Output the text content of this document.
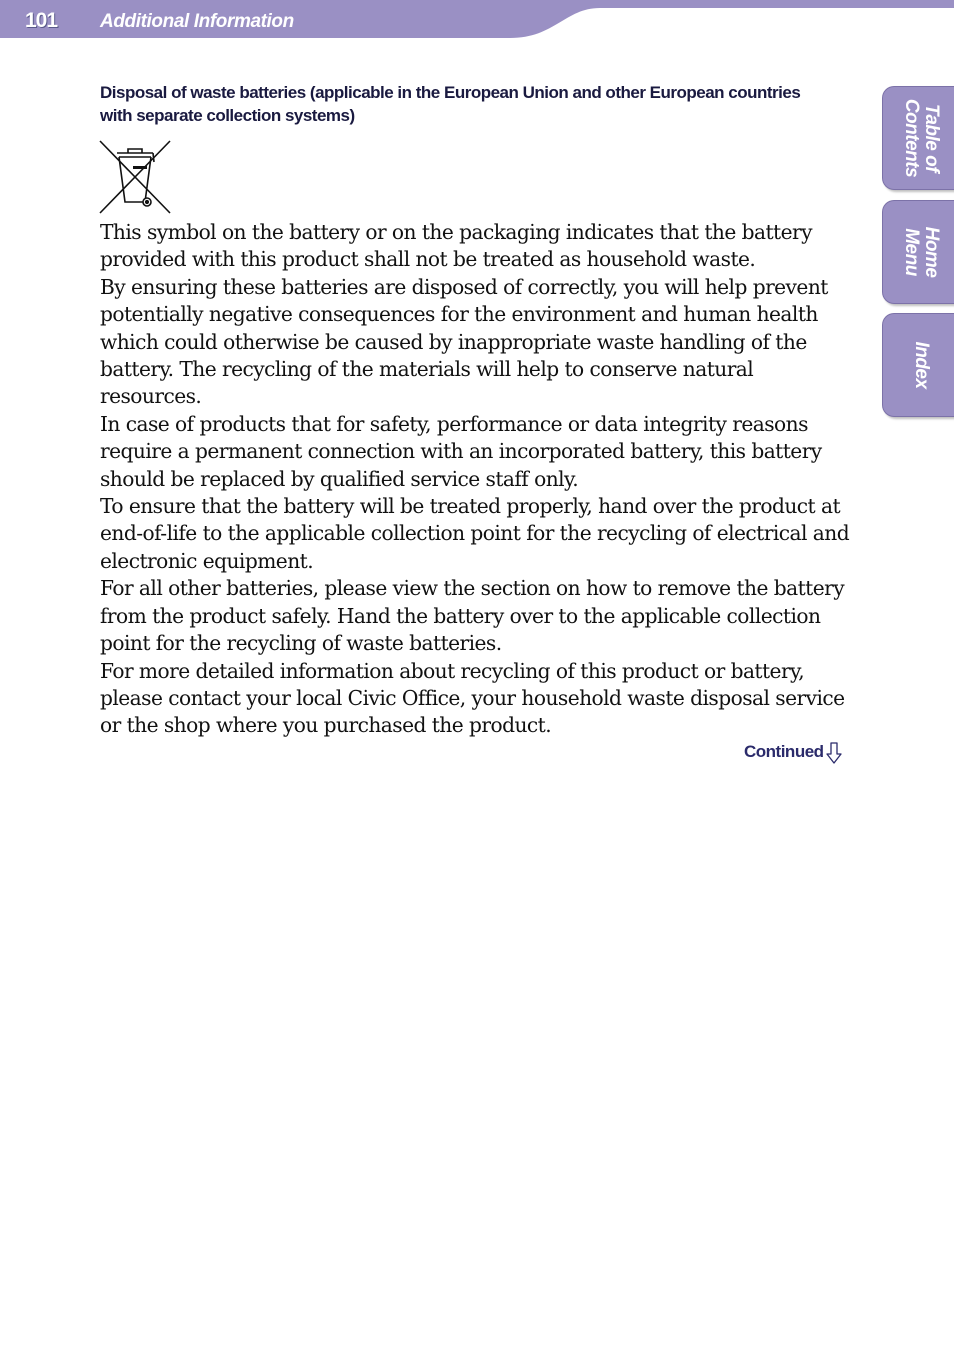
101 Additional Information
Table of
Contents
Home
Menu
Index
Disposal of waste batteries (applicable in the European Union and other European countries
with separate collection systems)

This symbol on the battery or on the packaging indicates that the battery provided with this product shall not be treated as household waste.

By ensuring these batteries are disposed of correctly, you will help prevent potentially negative consequences for the environment and human health which could otherwise be caused by inappropriate waste handling of the battery. The recycling of the materials will help to conserve natural resources.

In case of products that for safety, performance or data integrity reasons require a permanent connection with an incorporated battery, this battery should be replaced by qualified service staff only.

To ensure that the battery will be treated properly, hand over the product at end-of-life to the applicable collection point for the recycling of electrical and electronic equipment.

For all other batteries, please view the section on how to remove the battery from the product safely. Hand the battery over to the applicable collection point for the recycling of waste batteries.

For more detailed information about recycling of this product or battery, please contact your local Civic Office, your household waste disposal service or the shop where you purchased the product.

Continued
